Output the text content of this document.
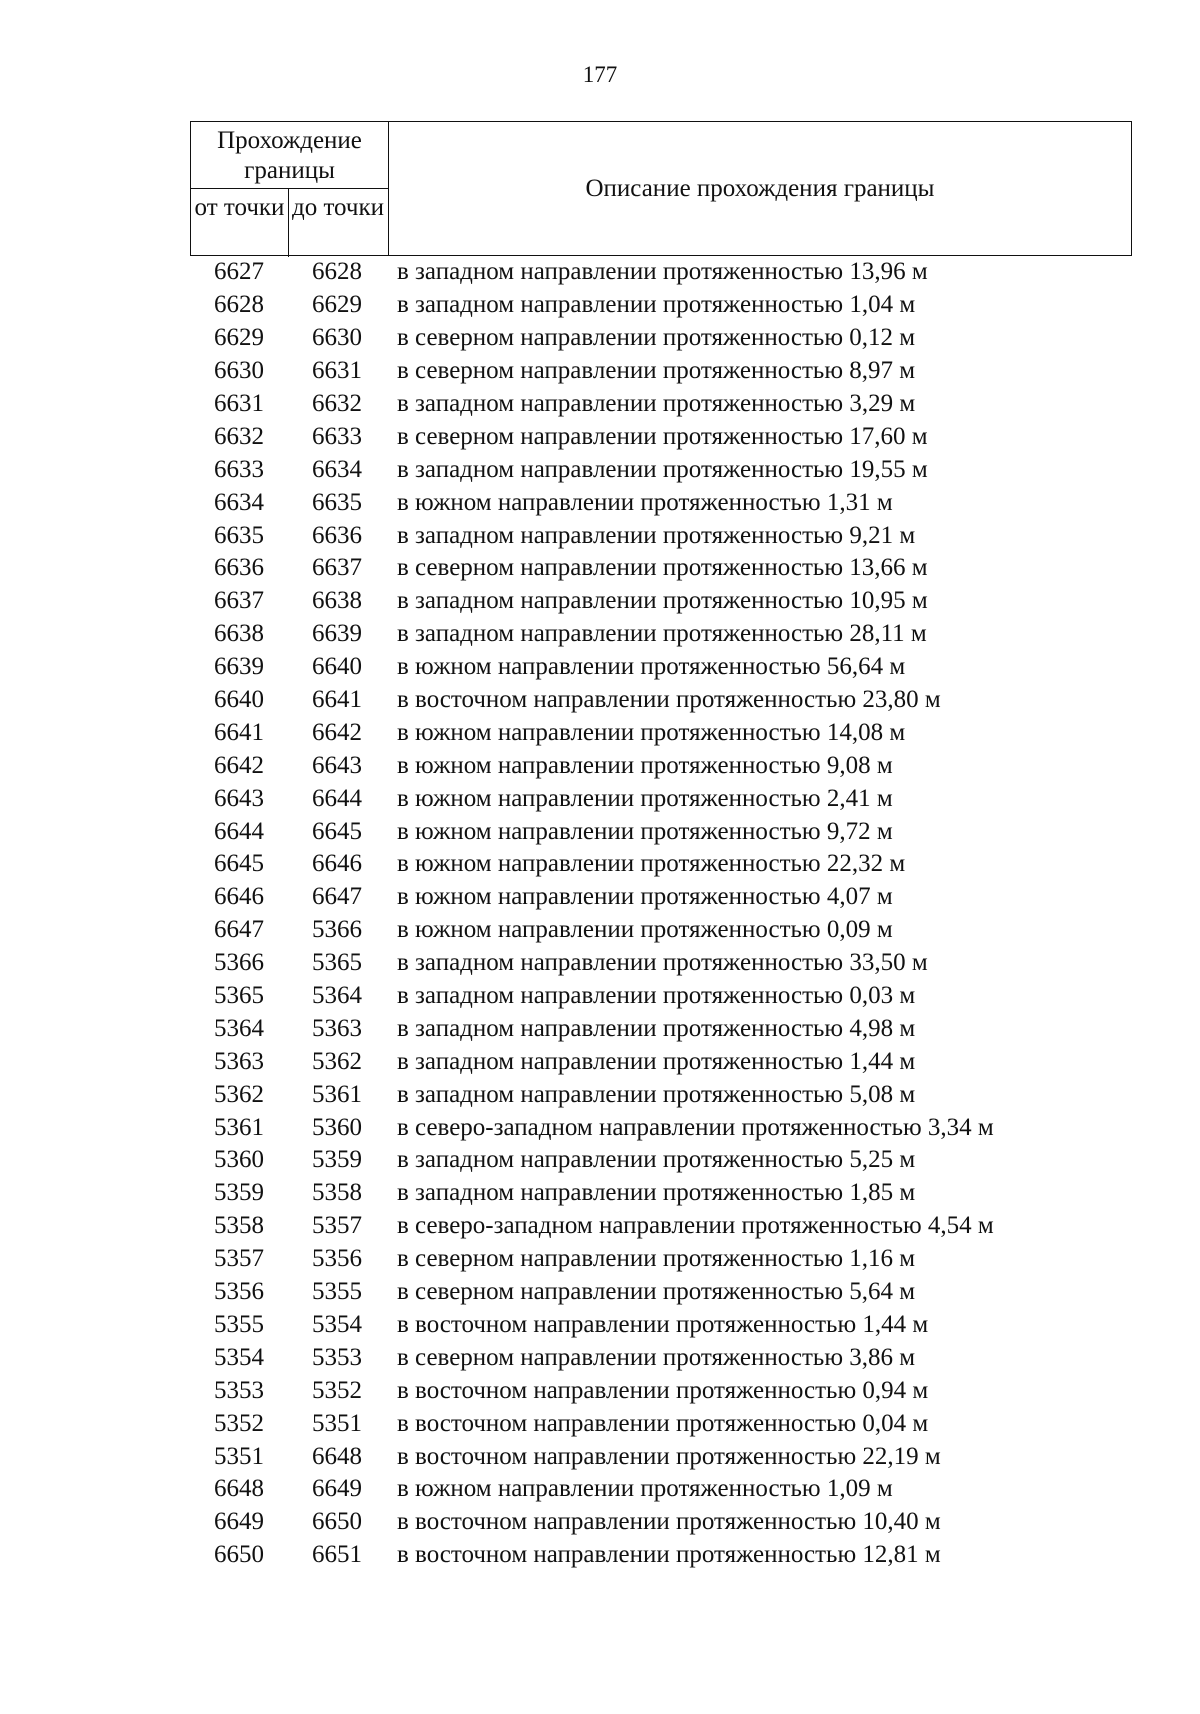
177
Прохождение границы
от точки до точки
Описание прохождения границы
6627	6628	в западном направлении протяженностью 13,96 м
6628	6629	в западном направлении протяженностью 1,04 м
6629	6630	в северном направлении протяженностью 0,12 м
6630	6631	в северном направлении протяженностью 8,97 м
6631	6632	в западном направлении протяженностью 3,29 м
6632	6633	в северном направлении протяженностью 17,60 м
6633	6634	в западном направлении протяженностью 19,55 м
6634	6635	в южном направлении протяженностью 1,31 м
6635	6636	в западном направлении протяженностью 9,21 м
6636	6637	в северном направлении протяженностью 13,66 м
6637	6638	в западном направлении протяженностью 10,95 м
6638	6639	в западном направлении протяженностью 28,11 м
6639	6640	в южном направлении протяженностью 56,64 м
6640	6641	в восточном направлении протяженностью 23,80 м
6641	6642	в южном направлении протяженностью 14,08 м
6642	6643	в южном направлении протяженностью 9,08 м
6643	6644	в южном направлении протяженностью 2,41 м
6644	6645	в южном направлении протяженностью 9,72 м
6645	6646	в южном направлении протяженностью 22,32 м
6646	6647	в южном направлении протяженностью 4,07 м
6647	5366	в южном направлении протяженностью 0,09 м
5366	5365	в западном направлении протяженностью 33,50 м
5365	5364	в западном направлении протяженностью 0,03 м
5364	5363	в западном направлении протяженностью 4,98 м
5363	5362	в западном направлении протяженностью 1,44 м
5362	5361	в западном направлении протяженностью 5,08 м
5361	5360	в северо-западном направлении протяженностью 3,34 м
5360	5359	в западном направлении протяженностью 5,25 м
5359	5358	в западном направлении протяженностью 1,85 м
5358	5357	в северо-западном направлении протяженностью 4,54 м
5357	5356	в северном направлении протяженностью 1,16 м
5356	5355	в северном направлении протяженностью 5,64 м
5355	5354	в восточном направлении протяженностью 1,44 м
5354	5353	в северном направлении протяженностью 3,86 м
5353	5352	в восточном направлении протяженностью 0,94 м
5352	5351	в восточном направлении протяженностью 0,04 м
5351	6648	в восточном направлении протяженностью 22,19 м
6648	6649	в южном направлении протяженностью 1,09 м
6649	6650	в восточном направлении протяженностью 10,40 м
6650	6651	в восточном направлении протяженностью 12,81 м
